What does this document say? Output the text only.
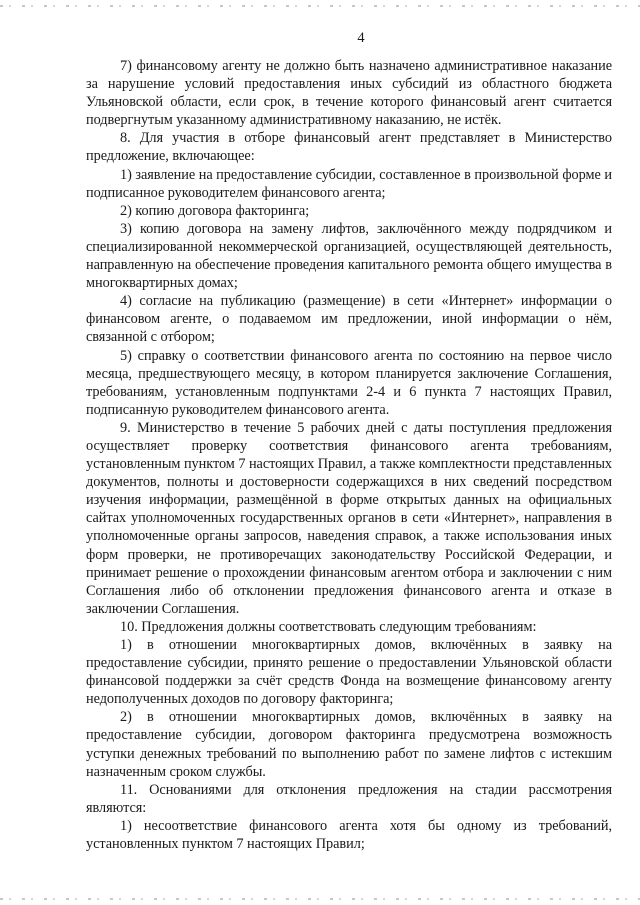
4

7) финансовому агенту не должно быть назначено административное наказание за нарушение условий предоставления иных субсидий из областного бюджета Ульяновской области, если срок, в течение которого финансовый агент считается подвергнутым указанному административному наказанию, не истёк.

8. Для участия в отборе финансовый агент представляет в Министерство предложение, включающее:

1) заявление на предоставление субсидии, составленное в произвольной форме и подписанное руководителем финансового агента;

2) копию договора факторинга;

3) копию договора на замену лифтов, заключённого между подрядчиком и специализированной некоммерческой организацией, осуществляющей деятельность, направленную на обеспечение проведения капитального ремонта общего имущества в многоквартирных домах;

4) согласие на публикацию (размещение) в сети «Интернет» информации о финансовом агенте, о подаваемом им предложении, иной информации о нём, связанной с отбором;

5) справку о соответствии финансового агента по состоянию на первое число месяца, предшествующего месяцу, в котором планируется заключение Соглашения, требованиям, установленным подпунктами 2-4 и 6 пункта 7 настоящих Правил, подписанную руководителем финансового агента.

9. Министерство в течение 5 рабочих дней с даты поступления предложения осуществляет проверку соответствия финансового агента требованиям, установленным пунктом 7 настоящих Правил, а также комплектности представленных документов, полноты и достоверности содержащихся в них сведений посредством изучения информации, размещённой в форме открытых данных на официальных сайтах уполномоченных государственных органов в сети «Интернет», направления в уполномоченные органы запросов, наведения справок, а также использования иных форм проверки, не противоречащих законодательству Российской Федерации, и принимает решение о прохождении финансовым агентом отбора и заключении с ним Соглашения либо об отклонении предложения финансового агента и отказе в заключении Соглашения.

10. Предложения должны соответствовать следующим требованиям:

1) в отношении многоквартирных домов, включённых в заявку на предоставление субсидии, принято решение о предоставлении Ульяновской области финансовой поддержки за счёт средств Фонда на возмещение финансовому агенту недополученных доходов по договору факторинга;

2) в отношении многоквартирных домов, включённых в заявку на предоставление субсидии, договором факторинга предусмотрена возможность уступки денежных требований по выполнению работ по замене лифтов с истекшим назначенным сроком службы.

11. Основаниями для отклонения предложения на стадии рассмотрения являются:

1) несоответствие финансового агента хотя бы одному из требований, установленных пунктом 7 настоящих Правил;
